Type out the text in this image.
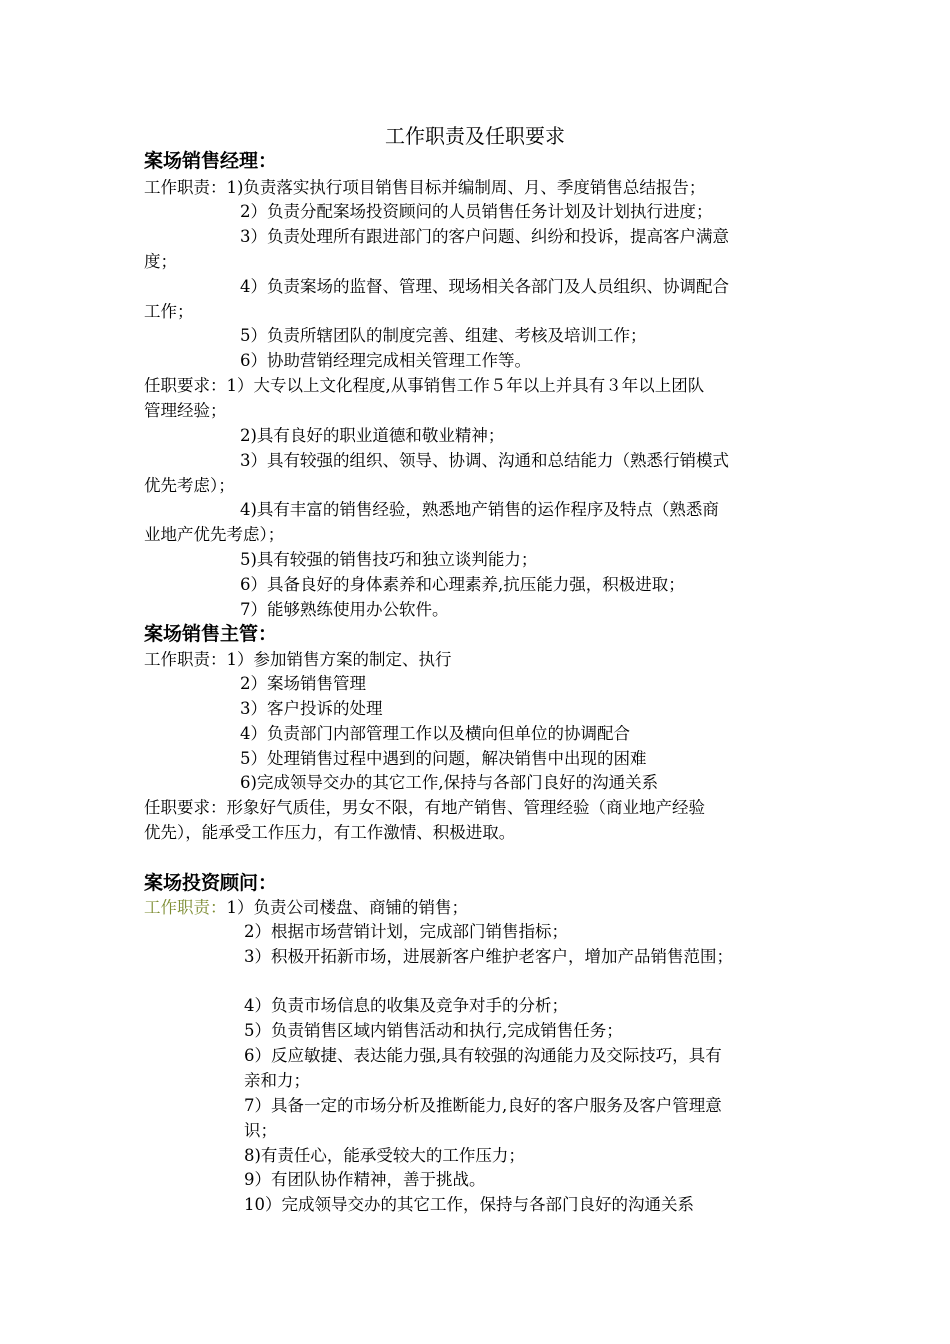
工作职责及任职要求
案场销售经理：
工作职责：1)负责落实执行项目销售目标并编制周、月、季度销售总结报告；
2）负责分配案场投资顾问的人员销售任务计划及计划执行进度；
3）负责处理所有跟进部门的客户问题、纠纷和投诉，提高客户满意
度；
4）负责案场的监督、管理、现场相关各部门及人员组织、协调配合
工作；
5）负责所辖团队的制度完善、组建、考核及培训工作；
6）协助营销经理完成相关管理工作等。
任职要求：1）大专以上文化程度,从事销售工作５年以上并具有３年以上团队
管理经验；
2)具有良好的职业道德和敬业精神；
3）具有较强的组织、领导、协调、沟通和总结能力（熟悉行销模式
优先考虑）；
4)具有丰富的销售经验，熟悉地产销售的运作程序及特点（熟悉商
业地产优先考虑）；
5)具有较强的销售技巧和独立谈判能力；
6）具备良好的身体素养和心理素养,抗压能力强，积极进取；
7）能够熟练使用办公软件。
案场销售主管：
工作职责：1）参加销售方案的制定、执行
2）案场销售管理
3）客户投诉的处理
4）负责部门内部管理工作以及横向但单位的协调配合
5）处理销售过程中遇到的问题，解决销售中出现的困难
6)完成领导交办的其它工作,保持与各部门良好的沟通关系
任职要求：形象好气质佳，男女不限，有地产销售、管理经验（商业地产经验
优先），能承受工作压力，有工作激情、积极进取。
案场投资顾问：
工作职责：1）负责公司楼盘、商铺的销售；
2）根据市场营销计划，完成部门销售指标；
3）积极开拓新市场，进展新客户维护老客户，增加产品销售范围；
4）负责市场信息的收集及竞争对手的分析；
5）负责销售区域内销售活动和执行,完成销售任务；
6）反应敏捷、表达能力强,具有较强的沟通能力及交际技巧，具有
亲和力；
7）具备一定的市场分析及推断能力,良好的客户服务及客户管理意
识；
8)有责任心，能承受较大的工作压力；
9）有团队协作精神，善于挑战。
10）完成领导交办的其它工作，保持与各部门良好的沟通关系
